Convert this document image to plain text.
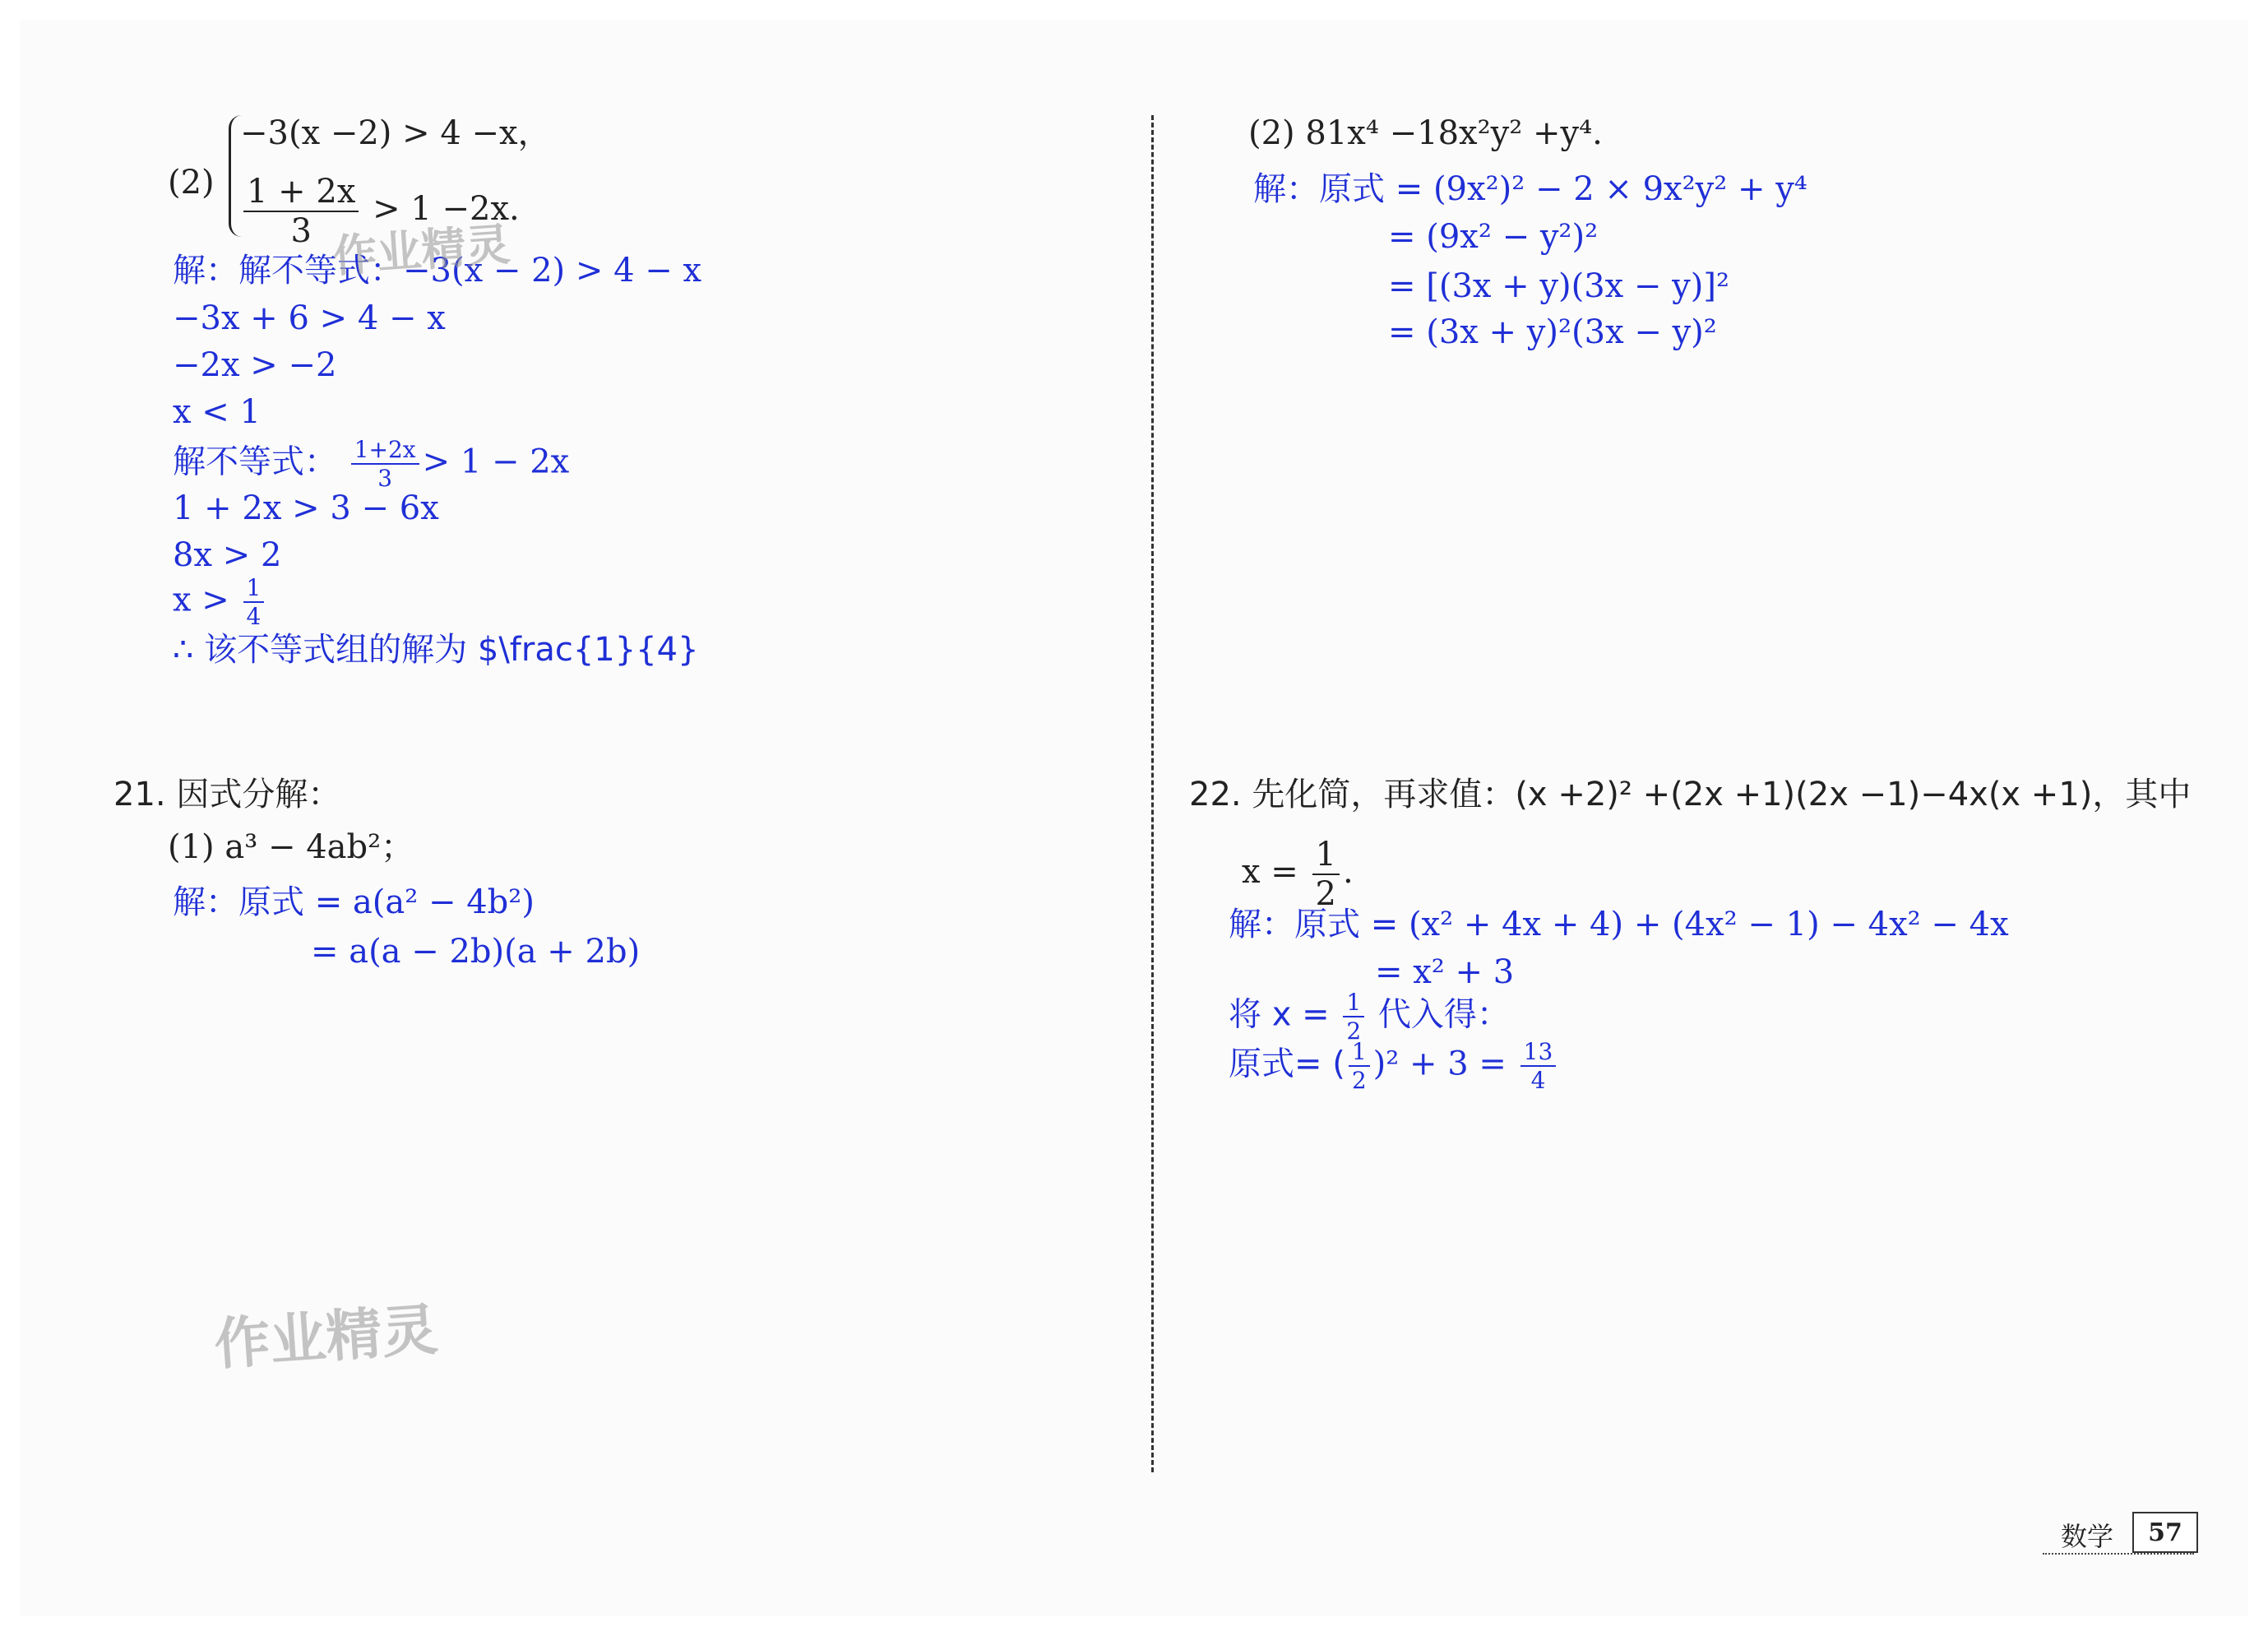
(2)
−3(x −2) > 4 −x，
$\frac{1 + 2x}{3} > 1 -2x$.
解：解不等式：−3(x − 2) > 4 − x
−3x + 6 > 4 − x
−2x > −2
x < 1
解不等式： $\frac{1+2x}{3} > 1 - 2x$
1 + 2x > 3 − 6x
8x > 2
$x > \frac{1}{4}$
∴ 该不等式组的解为 $\frac{1}{4}
21. 因式分解：
(1) a³ − 4ab²；
解：原式 = a(a² − 4b²)
= a(a − 2b)(a + 2b)
(2) 81x⁴ −18x²y² +y⁴.
解：原式 = (9x²)² − 2 × 9x²y² + y⁴
= (9x² − y²)²
= [(3x + y)(3x − y)]²
= (3x + y)²(3x − y)²
22. 先化简，再求值：(x +2)² +(2x +1)(2x −1)−4x(x +1)，其中
$x = \frac{1}{2}$ .
解：原式 = (x² + 4x + 4) + (4x² − 1) − 4x² − 4x
= x² + 3
将 $x = \frac{1}{2}$ 代入得：
原式= ( $\frac{1}{2} )^2 + 3 = \frac{13}{4}$
作业精灵
作业精灵
数学	57
